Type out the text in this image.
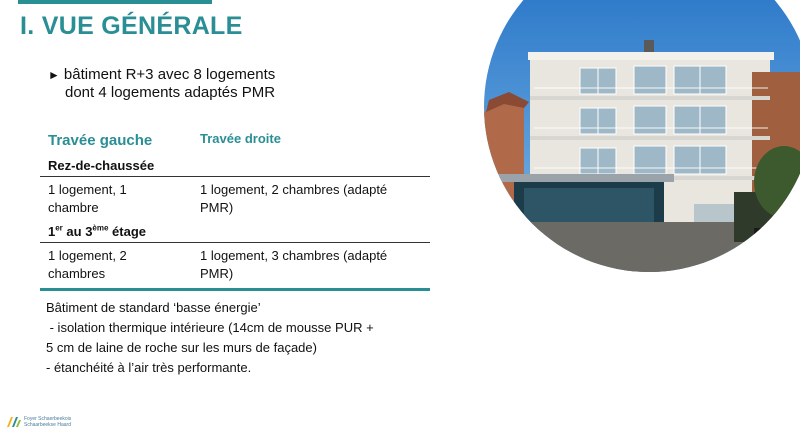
I. VUE GÉNÉRALE
► bâtiment R+3 avec 8 logements
dont 4 logements adaptés PMR
Travée gauche	Travée droite
Rez-de-chaussée
1 logement, 1
chambre
1 logement, 2 chambres (adapté
PMR)
1er au 3ème étage
1 logement, 2
chambres
1 logement, 3 chambres (adapté
PMR)
Bâtiment de standard ‘basse énergie’
- isolation thermique intérieure (14cm de mousse PUR +
5 cm de laine de roche sur les murs de façade)
- étanchéité à l’air très performante.
Foyer Schaerbeekois
Schaarbeekse Haard
